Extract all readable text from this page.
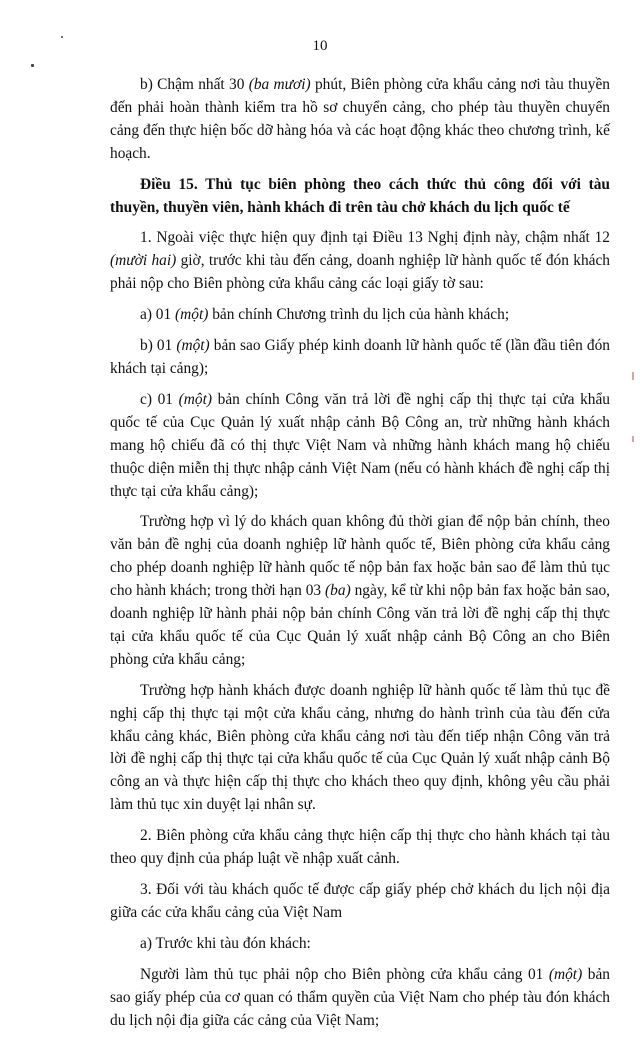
10

b) Chậm nhất 30 (ba mươi) phút, Biên phòng cửa khẩu cảng nơi tàu thuyền đến phải hoàn thành kiểm tra hồ sơ chuyển cảng, cho phép tàu thuyền chuyển cảng đến thực hiện bốc dỡ hàng hóa và các hoạt động khác theo chương trình, kế hoạch.

Điều 15. Thủ tục biên phòng theo cách thức thủ công đối với tàu thuyền, thuyền viên, hành khách đi trên tàu chở khách du lịch quốc tế

1. Ngoài việc thực hiện quy định tại Điều 13 Nghị định này, chậm nhất 12 (mười hai) giờ, trước khi tàu đến cảng, doanh nghiệp lữ hành quốc tế đón khách phải nộp cho Biên phòng cửa khẩu cảng các loại giấy tờ sau:

a) 01 (một) bản chính Chương trình du lịch của hành khách;

b) 01 (một) bản sao Giấy phép kinh doanh lữ hành quốc tế (lần đầu tiên đón khách tại cảng);

c) 01 (một) bản chính Công văn trả lời đề nghị cấp thị thực tại cửa khẩu quốc tế của Cục Quản lý xuất nhập cảnh Bộ Công an, trừ những hành khách mang hộ chiếu đã có thị thực Việt Nam và những hành khách mang hộ chiếu thuộc diện miễn thị thực nhập cảnh Việt Nam (nếu có hành khách đề nghị cấp thị thực tại cửa khẩu cảng);

Trường hợp vì lý do khách quan không đủ thời gian để nộp bản chính, theo văn bản đề nghị của doanh nghiệp lữ hành quốc tế, Biên phòng cửa khẩu cảng cho phép doanh nghiệp lữ hành quốc tế nộp bản fax hoặc bản sao để làm thủ tục cho hành khách; trong thời hạn 03 (ba) ngày, kể từ khi nộp bản fax hoặc bản sao, doanh nghiệp lữ hành phải nộp bản chính Công văn trả lời đề nghị cấp thị thực tại cửa khẩu quốc tế của Cục Quản lý xuất nhập cảnh Bộ Công an cho Biên phòng cửa khẩu cảng;

Trường hợp hành khách được doanh nghiệp lữ hành quốc tế làm thủ tục đề nghị cấp thị thực tại một cửa khẩu cảng, nhưng do hành trình của tàu đến cửa khẩu cảng khác, Biên phòng cửa khẩu cảng nơi tàu đến tiếp nhận Công văn trả lời đề nghị cấp thị thực tại cửa khẩu quốc tế của Cục Quản lý xuất nhập cảnh Bộ công an và thực hiện cấp thị thực cho khách theo quy định, không yêu cầu phải làm thủ tục xin duyệt lại nhân sự.

2. Biên phòng cửa khẩu cảng thực hiện cấp thị thực cho hành khách tại tàu theo quy định của pháp luật về nhập xuất cảnh.

3. Đối với tàu khách quốc tế được cấp giấy phép chở khách du lịch nội địa giữa các cửa khẩu cảng của Việt Nam

a) Trước khi tàu đón khách:

Người làm thủ tục phải nộp cho Biên phòng cửa khẩu cảng 01 (một) bản sao giấy phép của cơ quan có thẩm quyền của Việt Nam cho phép tàu đón khách du lịch nội địa giữa các cảng của Việt Nam;
